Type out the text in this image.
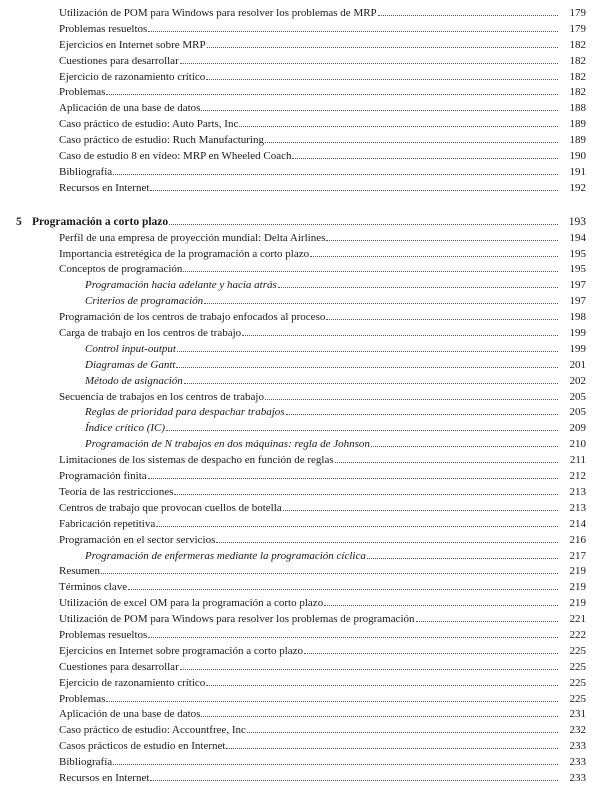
Utilización de POM para Windows para resolver los problemas de MRP	179
Problemas resueltos	179
Ejercicios en Internet sobre MRP	182
Cuestiones para desarrollar	182
Ejercicio de razonamiento crítico	182
Problemas	182
Aplicación de una base de datos	188
Caso práctico de estudio: Auto Parts, Inc	189
Caso práctico de estudio: Ruch Manufacturing	189
Caso de estudio 8 en vídeo: MRP en Wheeled Coach	190
Bibliografía	191
Recursos en Internet	192
5 Programación a corto plazo	193
Perfil de una empresa de proyección mundial: Delta Airlines	194
Importancia estretégica de la programación a corto plazo	195
Conceptos de programación	195
Programación hacia adelante y hacia atrás	197
Criterios de programación	197
Programación de los centros de trabajo enfocados al proceso	198
Carga de trabajo en los centros de trabajo	199
Control input-output	199
Diagramas de Gantt	201
Método de asignación	202
Secuencia de trabajos en los centros de trabajo	205
Reglas de prioridad para despachar trabajos	205
Índice crítico (IC)	209
Programación de N trabajos en dos máquinas: regla de Johnson	210
Limitaciones de los sistemas de despacho en función de reglas	211
Programación finita	212
Teoría de las restricciones	213
Centros de trabajo que provocan cuellos de botella	213
Fabricación repetitiva	214
Programación en el sector servicios	216
Programación de enfermeras mediante la programación cíclica	217
Resumen	219
Términos clave	219
Utilización de excel OM para la programación a corto plazo	219
Utilización de POM para Windows para resolver los problemas de programación	221
Problemas resueltos	222
Ejercicios en Internet sobre programación a corto plazo	225
Cuestiones para desarrollar	225
Ejercicio de razonamiento crítico	225
Problemas	225
Aplicación de una base de datos	231
Caso práctico de estudio: Accountfree, Inc	232
Casos prácticos de estudio en Internet	233
Bibliografía	233
Recursos en Internet	233
